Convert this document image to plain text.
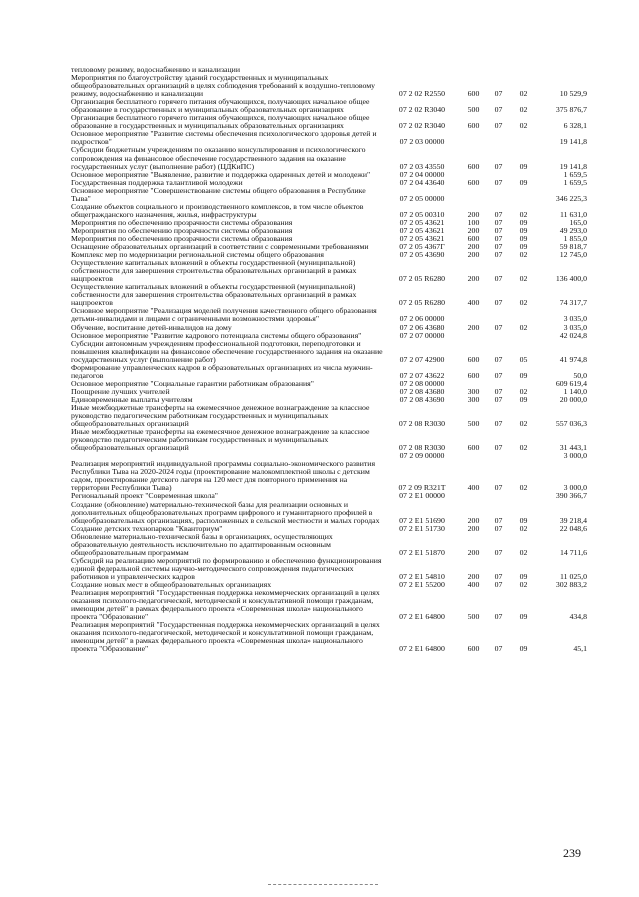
тепловому режиму, водоснабжению и канализации					
Мероприятия по благоустройству зданий государственных и муниципальных общеобразовательных организаций в целях соблюдения требований к воздушно-тепловому режиму, водоснабжению и канализации	07 2 02 R2550	600	07	02	10 529,9
Организация бесплатного горячего питания обучающихся, получающих начальное общее образование в государственных и муниципальных образовательных организациях	07 2 02 R3040	500	07	02	375 876,7
Организация бесплатного горячего питания обучающихся, получающих начальное общее образование в государственных и муниципальных образовательных организациях	07 2 02 R3040	600	07	02	6 328,1
Основное мероприятие "Развитие системы обеспечения психологического здоровья детей и подростков"	07 2 03 00000				19 141,8
Субсидии бюджетным учреждениям по оказанию консультирования и психологического сопровождения на финансовое обеспечение государственного задания на оказание государственных услуг (выполнение работ) (ЦДКиПС)	07 2 03 43550	600	07	09	19 141,8
Основное мероприятие "Выявление, развитие и поддержка одаренных детей и молодежи"	07 2 04 00000				1 659,5
Государственная поддержка талантливой молодежи	07 2 04 43640	600	07	09	1 659,5
Основное мероприятие "Совершенствование системы общего образования в Республике Тыва"	07 2 05 00000				346 225,3
Создание объектов социального и производственного комплексов, в том числе объектов общегражданского назначения, жилья, инфраструктуры	07 2 05 00310	200	07	02	11 631,0
Мероприятия по обеспечению прозрачности системы образования	07 2 05 43621	100	07	09	165,0
Мероприятия по обеспечению прозрачности системы образования	07 2 05 43621	200	07	09	49 293,0
Мероприятия по обеспечению прозрачности системы образования	07 2 05 43621	600	07	09	1 855,0
Оснащение образовательных организаций в соответствии с современными требованиями	07 2 05 4367Г	200	07	09	59 818,7
Комплекс мер по модернизации региональной системы общего образования	07 2 05 43690	200	07	02	12 745,0
Осуществление капитальных вложений в объекты государственной (муниципальной) собственности для завершения строительства образовательных организаций в рамках нацпроектов	07 2 05 R6280	200	07	02	136 400,0
Осуществление капитальных вложений в объекты государственной (муниципальной) собственности для завершения строительства образовательных организаций в рамках нацпроектов	07 2 05 R6280	400	07	02	74 317,7
Основное мероприятие "Реализация моделей получения качественного общего образования детьми-инвалидами и лицами с ограниченными возможностями здоровья"	07 2 06 00000				3 035,0
Обучение, воспитание детей-инвалидов на дому	07 2 06 43680	200	07	02	3 035,0
Основное мероприятие "Развитие кадрового потенциала системы общего образования"	07 2 07 00000				42 024,8
Субсидии автономным учреждениям профессиональной подготовки, переподготовки и повышения квалификации на финансовое обеспечение государственного задания на оказание государственных услуг (выполнение работ)	07 2 07 42900	600	07	05	41 974,8
Формирование управленческих кадров в образовательных организациях из числа мужчин-педагогов	07 2 07 43622	600	07	09	50,0
Основное мероприятие "Социальные гарантии работникам образования"	07 2 08 00000				609 619,4
Поощрение лучших учителей	07 2 08 43680	300	07	02	1 140,0
Единовременные выплаты учителям	07 2 08 43690	300	07	09	20 000,0
Иные межбюджетные трансферты на ежемесячное денежное вознаграждение за классное руководство педагогическим работникам государственных и муниципальных общеобразовательных организаций	07 2 08 R3030	500	07	02	557 036,3
Иные межбюджетные трансферты на ежемесячное денежное вознаграждение за классное руководство педагогическим работникам государственных и муниципальных общеобразовательных организаций	07 2 08 R3030	600	07	02	31 443,1
	07 2 09 00000				3 000,0
Реализация мероприятий индивидуальной программы социально-экономического развития Республики Тыва на 2020-2024 годы (проектирование малокомплектной школы с детским садом, проектирование детского лагеря на 120 мест для повторного применения на территории Республики Тыва)	07 2 09 R321Т	400	07	02	3 000,0
Региональный проект "Современная школа"	07 2 Е1 00000				390 366,7
Создание (обновление) материально-технической базы для реализации основных и дополнительных общеобразовательных программ цифрового и гуманитарного профилей в общеобразовательных организациях, расположенных в сельской местности и малых городах	07 2 Е1 51690	200	07	09	39 218,4
Создание детских технопарков "Кванториум"	07 2 Е1 51730	200	07	02	22 048,6
Обновление материально-технической базы в организациях, осуществляющих образовательную деятельность исключительно по адаптированным основным общеобразовательным программам	07 2 Е1 51870	200	07	02	14 711,6
Субсидий на реализацию мероприятий по формированию и обеспечению функционирования единой федеральной системы научно-методического сопровождения педагогических работников и управленческих кадров	07 2 Е1 54810	200	07	09	11 025,0
Создание новых мест в общеобразовательных организациях	07 2 Е1 55200	400	07	02	302 883,2
Реализация мероприятий "Государственная поддержка некоммерческих организаций в целях оказания психолого-педагогической, методической и консультативной помощи гражданам, имеющим детей" в рамках федерального проекта «Современная школа» национального проекта "Образование"	07 2 Е1 64800	500	07	09	434,8
Реализация мероприятий "Государственная поддержка некоммерческих организаций в целях оказания психолого-педагогической, методической и консультативной помощи гражданам, имеющим детей" в рамках федерального проекта «Современная школа» национального проекта "Образование"	07 2 Е1 64800	600	07	09	45,1
239
